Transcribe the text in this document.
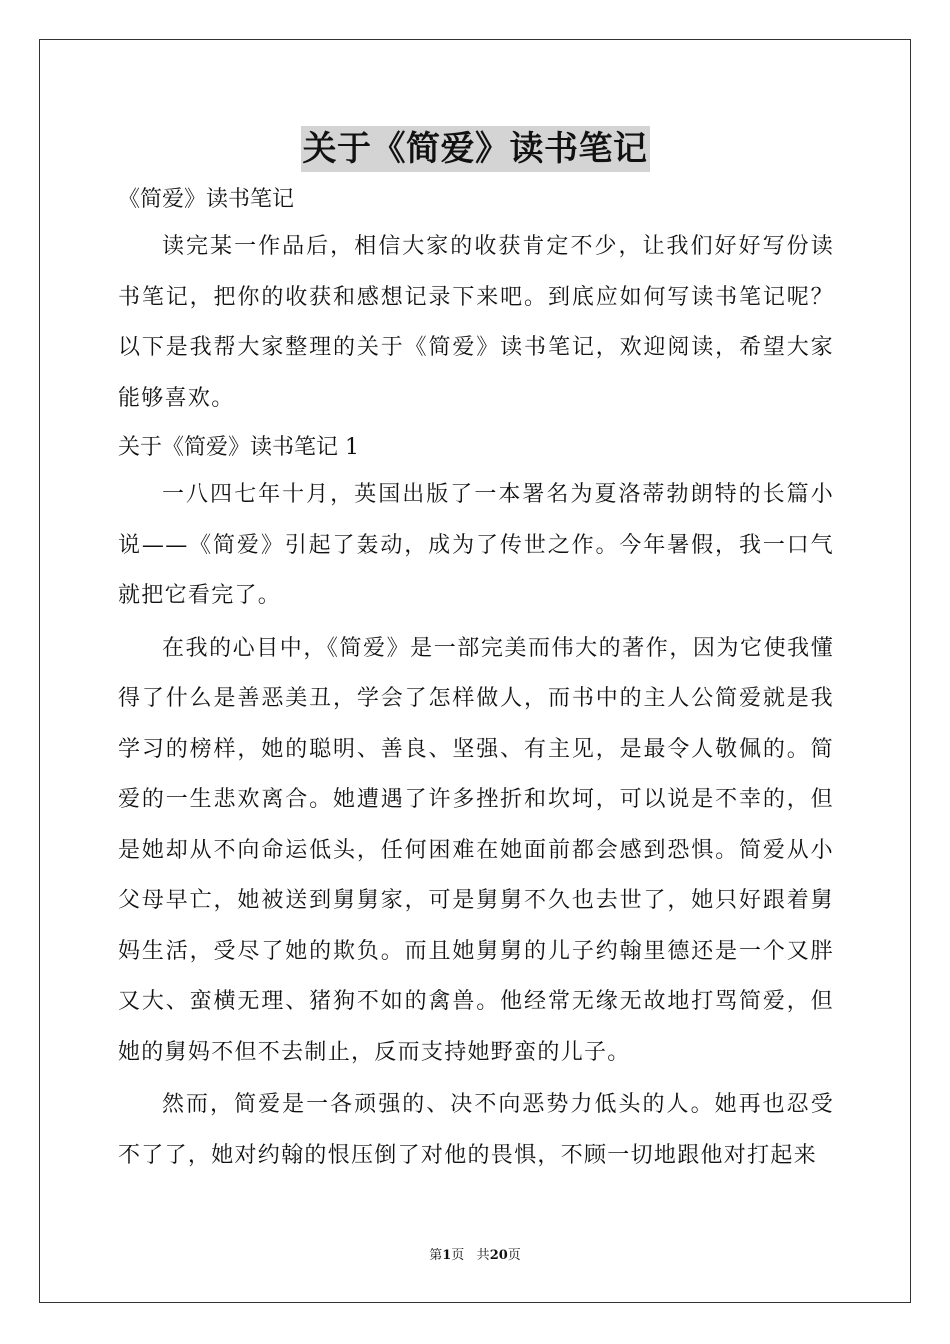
关于《简爱》读书笔记

《简爱》读书笔记

读完某一作品后，相信大家的收获肯定不少，让我们好好写份读书笔记，把你的收获和感想记录下来吧。到底应如何写读书笔记呢？以下是我帮大家整理的关于《简爱》读书笔记，欢迎阅读，希望大家能够喜欢。

关于《简爱》读书笔记 1

一八四七年十月，英国出版了一本署名为夏洛蒂勃朗特的长篇小说——《简爱》引起了轰动，成为了传世之作。今年暑假，我一口气就把它看完了。

在我的心目中，《简爱》是一部完美而伟大的著作，因为它使我懂得了什么是善恶美丑，学会了怎样做人，而书中的主人公简爱就是我学习的榜样，她的聪明、善良、坚强、有主见，是最令人敬佩的。简爱的一生悲欢离合。她遭遇了许多挫折和坎坷，可以说是不幸的，但是她却从不向命运低头，任何困难在她面前都会感到恐惧。简爱从小父母早亡，她被送到舅舅家，可是舅舅不久也去世了，她只好跟着舅妈生活，受尽了她的欺负。而且她舅舅的儿子约翰里德还是一个又胖又大、蛮横无理、猪狗不如的禽兽。他经常无缘无故地打骂简爱，但她的舅妈不但不去制止，反而支持她野蛮的儿子。

然而，简爱是一各顽强的、决不向恶势力低头的人。她再也忍受不了了，她对约翰的恨压倒了对他的畏惧，不顾一切地跟他对打起来

第1页 共20页
